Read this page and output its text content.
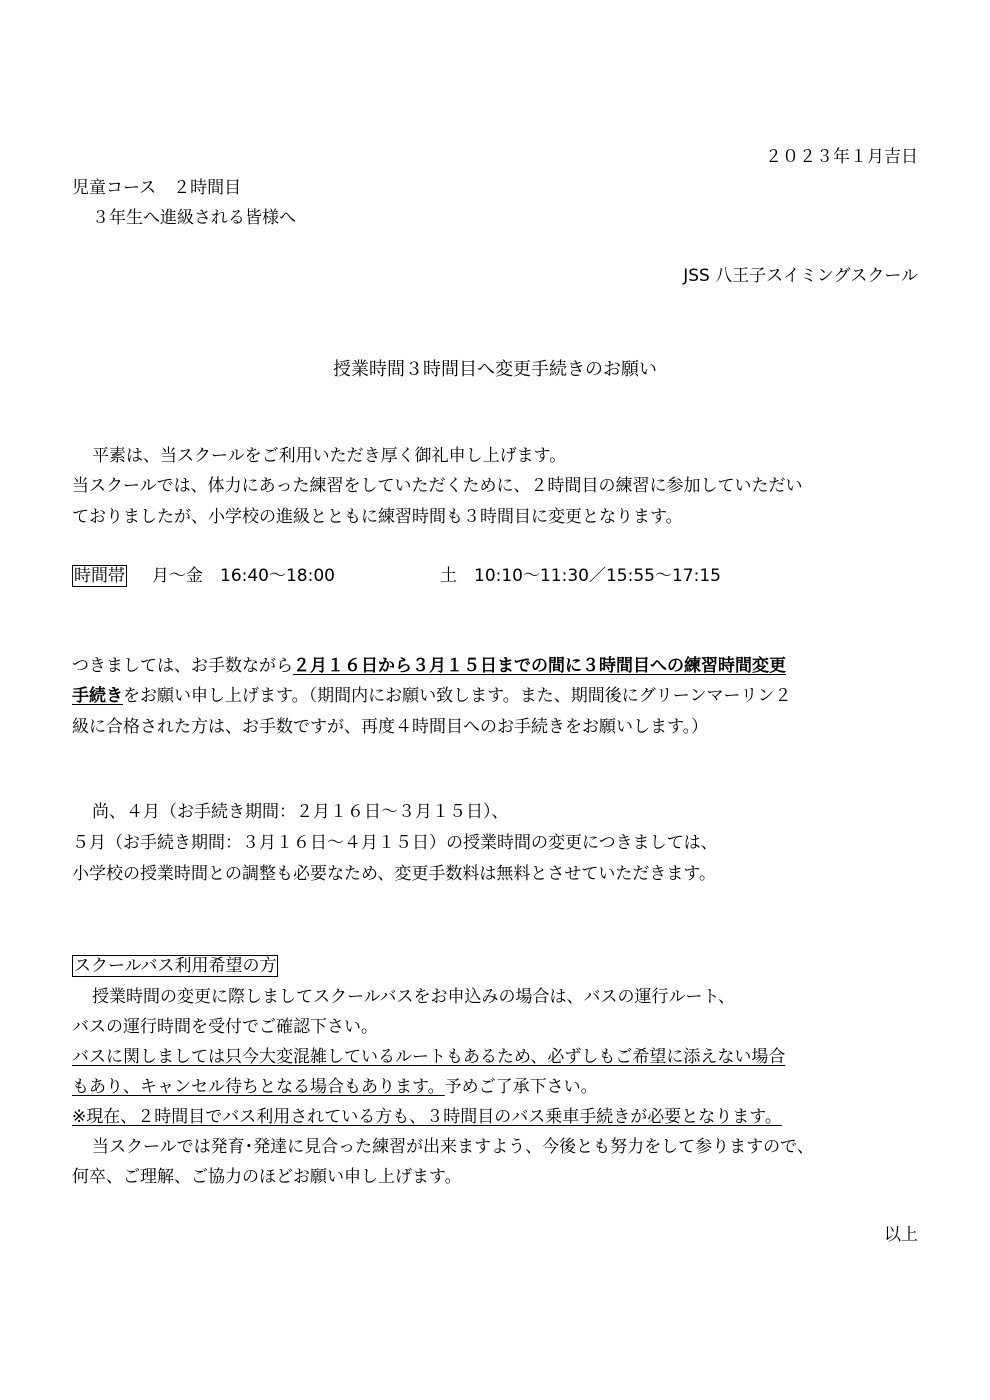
２０２３年１月吉日
児童コース　２時間目
３年生へ進級される皆様へ
JSS 八王子スイミングスクール
授業時間３時間目へ変更手続きのお願い
平素は、当スクールをご利用いただき厚く御礼申し上げます。
当スクールでは、体力にあった練習をしていただくために、２時間目の練習に参加していただい
ておりましたが、小学校の進級とともに練習時間も３時間目に変更となります。
時間帯 月～金　16:40～18:00	土　10:10～11:30／15:55～17:15
つきましては、お手数ながら２月１６日から３月１５日までの間に３時間目への練習時間変更
手続きをお願い申し上げます。（期間内にお願い致します。また、期間後にグリーンマーリン２
級に合格された方は、お手数ですが、再度４時間目へのお手続きをお願いします。）
尚、４月（お手続き期間：２月１６日～３月１５日）、
５月（お手続き期間：３月１６日～４月１５日）の授業時間の変更につきましては、
小学校の授業時間との調整も必要なため、変更手数料は無料とさせていただきます。
スクールバス利用希望の方
授業時間の変更に際しましてスクールバスをお申込みの場合は、バスの運行ルート、
バスの運行時間を受付でご確認下さい。
バスに関しましては只今大変混雑しているルートもあるため、必ずしもご希望に添えない場合
もあり、キャンセル待ちとなる場合もあります。予めご了承下さい。
※現在、２時間目でバス利用されている方も、３時間目のバス乗車手続きが必要となります。
当スクールでは発育･発達に見合った練習が出来ますよう、今後とも努力をして参りますので、
何卒、ご理解、ご協力のほどお願い申し上げます。
以上
